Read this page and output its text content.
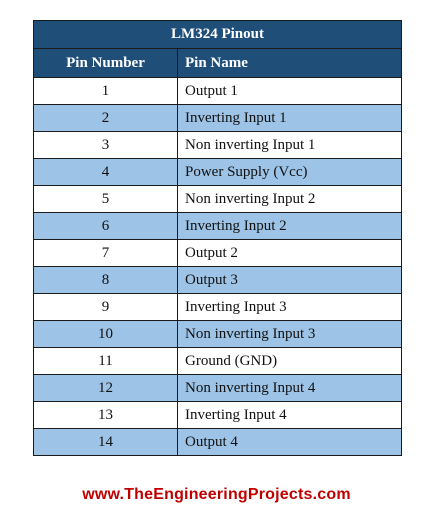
LM324 Pinout	
Pin Number	Pin Name
1	Output 1
2	Inverting Input 1
3	Non inverting Input 1
4	Power Supply (Vcc)
5	Non inverting Input 2
6	Inverting Input 2
7	Output 2
8	Output 3
9	Inverting Input 3
10	Non inverting Input 3
11	Ground (GND)
12	Non inverting Input 4
13	Inverting Input 4
14	Output 4
www.TheEngineeringProjects.com
